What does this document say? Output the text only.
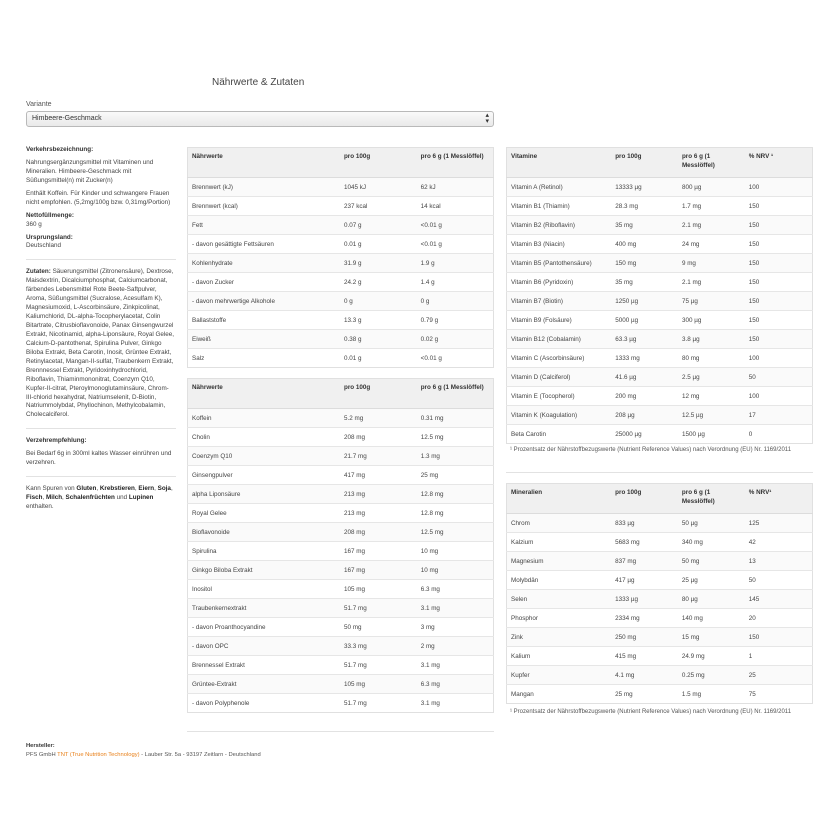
Nährwerte & Zutaten
Variante
Himbeere-Geschmack	▴
▾

Verkehrsbezeichnung:

Nahrungsergänzungsmittel mit Vitaminen und Mineralien. Himbeere-Geschmack mit Süßungsmittel(n) mit Zucker(n)

Enthält Koffein. Für Kinder und schwangere Frauen nicht empfohlen. (5,2mg/100g bzw. 0,31mg/Portion)

Nettofüllmenge:
360 g

Ursprungsland:
Deutschland

Zutaten: Säuerungsmittel (Zitronensäure), Dextrose, Maisdextrin, Dicalciumphosphat, Calciumcarbonat, färbendes Lebensmittel Rote Beete-Saftpulver, Aroma, Süßungsmittel (Sucralose, Acesulfam K), Magnesiumoxid, L-Ascorbinsäure, Zinkpicolinat, Kaliumchlorid, DL-alpha-Tocopherylacetat, Colin Bitartrate, Citrusbioflavonoide, Panax Ginsengwurzel Extrakt, Nicotinamid, alpha-Liponsäure, Royal Gelee, Calcium-D-pantothenat, Spirulina Pulver, Ginkgo Biloba Extrakt, Beta Carotin, Inosit, Grüntee Extrakt, Retinylacetat, Mangan-II-sulfat, Traubenkern Extrakt, Brennnessel Extrakt, Pyridoxinhydrochlorid, Riboflavin, Thiaminmononitrat, Coenzym Q10, Kupfer-II-citrat, Pteroylmonoglutaminsäure, Chrom-III-chlorid hexahydrat, Natriumselenit, D-Biotin, Natriummolybdat, Phyllochinon, Methylcobalamin, Cholecalciferol.

Verzehrempfehlung:

Bei Bedarf 6g in 300ml kaltes Wasser einrühren und verzehren.

Kann Spuren von Gluten, Krebstieren, Eiern, Soja, Fisch, Milch, Schalenfrüchten und Lupinen enthalten.

Nährwerte	pro 100g	pro 6 g (1 Messlöffel)
Brennwert (kJ)	1045 kJ	62 kJ
Brennwert (kcal)	237 kcal	14 kcal
Fett	0.07 g	<0.01 g
- davon gesättigte Fettsäuren	0.01 g	<0.01 g
Kohlenhydrate	31.9 g	1.9 g
- davon Zucker	24.2 g	1.4 g
- davon mehrwertige Alkohole	0 g	0 g
Ballaststoffe	13.3 g	0.79 g
Eiweiß	0.38 g	0.02 g
Salz	0.01 g	<0.01 g
Nährwerte	pro 100g	pro 6 g (1 Messlöffel)
Koffein	5.2 mg	0.31 mg
Cholin	208 mg	12.5 mg
Coenzym Q10	21.7 mg	1.3 mg
Ginsengpulver	417 mg	25 mg
alpha Liponsäure	213 mg	12.8 mg
Royal Gelee	213 mg	12.8 mg
Bioflavonoide	208 mg	12.5 mg
Spirulina	167 mg	10 mg
Ginkgo Biloba Extrakt	167 mg	10 mg
Inositol	105 mg	6.3 mg
Traubenkernextrakt	51.7 mg	3.1 mg
- davon Proanthocyandine	50 mg	3 mg
- davon OPC	33.3 mg	2 mg
Brennessel Extrakt	51.7 mg	3.1 mg
Grüntee-Extrakt	105 mg	6.3 mg
- davon Polyphenole	51.7 mg	3.1 mg
Vitamine	pro 100g	pro 6 g (1 Messlöffel)	% NRV ¹
Vitamin A (Retinol)	13333 µg	800 µg	100
Vitamin B1 (Thiamin)	28.3 mg	1.7 mg	150
Vitamin B2 (Riboflavin)	35 mg	2.1 mg	150
Vitamin B3 (Niacin)	400 mg	24 mg	150
Vitamin B5 (Pantothensäure)	150 mg	9 mg	150
Vitamin B6 (Pyridoxin)	35 mg	2.1 mg	150
Vitamin B7 (Biotin)	1250 µg	75 µg	150
Vitamin B9 (Folsäure)	5000 µg	300 µg	150
Vitamin B12 (Cobalamin)	63.3 µg	3.8 µg	150
Vitamin C (Ascorbinsäure)	1333 mg	80 mg	100
Vitamin D (Calciferol)	41.6 µg	2.5 µg	50
Vitamin E (Tocopherol)	200 mg	12 mg	100
Vitamin K (Koagulation)	208 µg	12.5 µg	17
Beta Carotin	25000 µg	1500 µg	0
¹ Prozentsatz der Nährstoffbezugswerte (Nutrient Reference Values) nach Verordnung (EU) Nr. 1169/2011
Mineralien	pro 100g	pro 6 g (1 Messlöffel)	% NRV¹
Chrom	833 µg	50 µg	125
Kalzium	5683 mg	340 mg	42
Magnesium	837 mg	50 mg	13
Molybdän	417 µg	25 µg	50
Selen	1333 µg	80 µg	145
Phosphor	2334 mg	140 mg	20
Zink	250 mg	15 mg	150
Kalium	415 mg	24.9 mg	1
Kupfer	4.1 mg	0.25 mg	25
Mangan	25 mg	1.5 mg	75
¹ Prozentsatz der Nährstoffbezugswerte (Nutrient Reference Values) nach Verordnung (EU) Nr. 1169/2011
Hersteller:
PFS GmbH TNT (True Nutrition Technology) - Lauber Str. 5a - 93197 Zeitlarn - Deutschland
